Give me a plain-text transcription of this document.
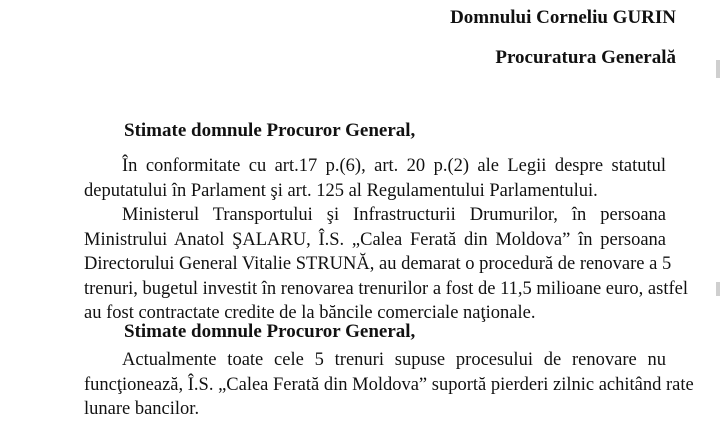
Domnului Corneliu GURIN
Procuratura Generală
Stimate domnule Procuror General,
În conformitate cu art.17 p.(6), art. 20 p.(2) ale Legii despre statutul
deputatului în Parlament şi art. 125 al Regulamentului Parlamentului.
Ministerul Transportului şi Infrastructurii Drumurilor, în persoana
Ministrului Anatol ŞALARU, Î.S. „Calea Ferată din Moldova” în persoana
Directorului General Vitalie STRUNĂ, au demarat o procedură de renovare a 5
trenuri, bugetul investit în renovarea trenurilor a fost de 11,5 milioane euro, astfel
au fost contractate credite de la băncile comerciale naţionale.
Stimate domnule Procuror General,
Actualmente toate cele 5 trenuri supuse procesului de renovare nu
funcţionează, Î.S. „Calea Ferată din Moldova” suportă pierderi zilnic achitând rate
lunare bancilor.
